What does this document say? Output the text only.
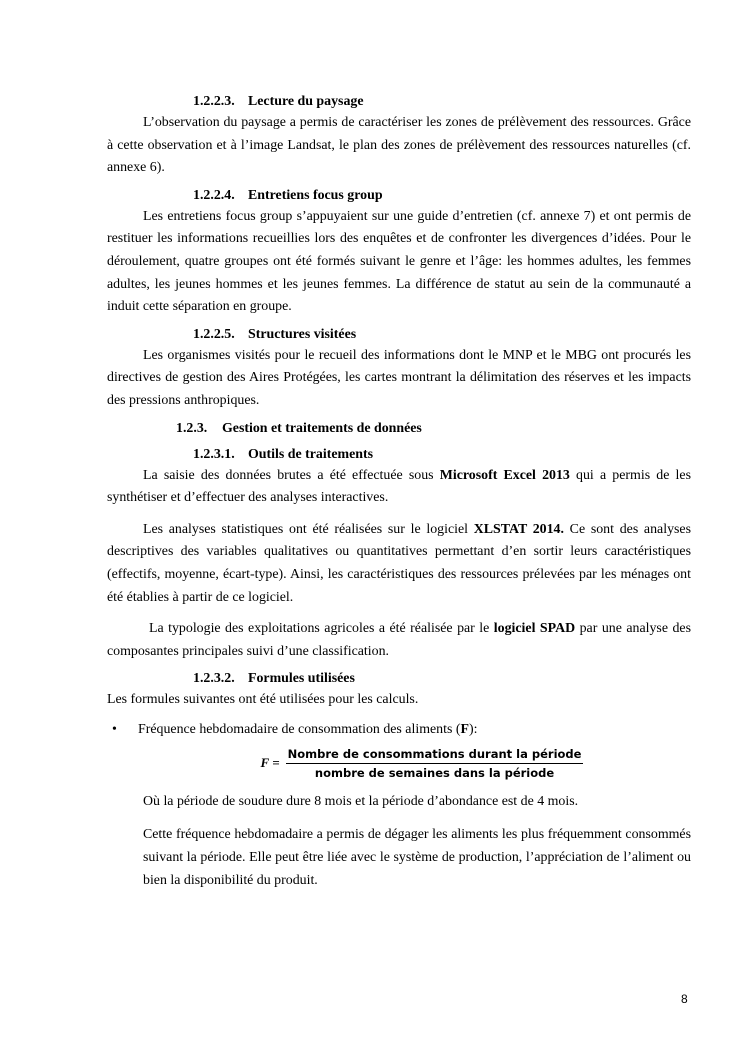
1.2.2.3. Lecture du paysage

L’observation du paysage a permis de caractériser les zones de prélèvement des ressources. Grâce à cette observation et à l’image Landsat, le plan des zones de prélèvement des ressources naturelles (cf. annexe 6).

1.2.2.4. Entretiens focus group

Les entretiens focus group s’appuyaient sur une guide d’entretien (cf. annexe 7) et ont permis de restituer les informations recueillies lors des enquêtes et de confronter les divergences d’idées. Pour le déroulement, quatre groupes ont été formés suivant le genre et l’âge: les hommes adultes, les femmes adultes, les jeunes hommes et les jeunes femmes. La différence de statut au sein de la communauté a induit cette séparation en groupe.

1.2.2.5. Structures visitées

Les organismes visités pour le recueil des informations dont le MNP et le MBG ont procurés les directives de gestion des Aires Protégées, les cartes montrant la délimitation des réserves et les impacts des pressions anthropiques.

1.2.3. Gestion et traitements de données

1.2.3.1. Outils de traitements

La saisie des données brutes a été effectuée sous Microsoft Excel 2013 qui a permis de les synthétiser et d’effectuer des analyses interactives.

Les analyses statistiques ont été réalisées sur le logiciel XLSTAT 2014. Ce sont des analyses descriptives des variables qualitatives ou quantitatives permettant d’en sortir leurs caractéristiques (effectifs, moyenne, écart-type). Ainsi, les caractéristiques des ressources prélevées par les ménages ont été établies à partir de ce logiciel.

La typologie des exploitations agricoles a été réalisée par le logiciel SPAD par une analyse des composantes principales suivi d’une classification.

1.2.3.2. Formules utilisées

Les formules suivantes ont été utilisées pour les calculs.

• Fréquence hebdomadaire de consommation des aliments (F):
$F = \frac{\text{Nombre de consommations durant la période}}{\text{nombre de semaines dans la période}}$

Où la période de soudure dure 8 mois et la période d’abondance est de 4 mois.

Cette fréquence hebdomadaire a permis de dégager les aliments les plus fréquemment consommés suivant la période. Elle peut être liée avec le système de production, l’appréciation de l’aliment ou bien la disponibilité du produit.

8
